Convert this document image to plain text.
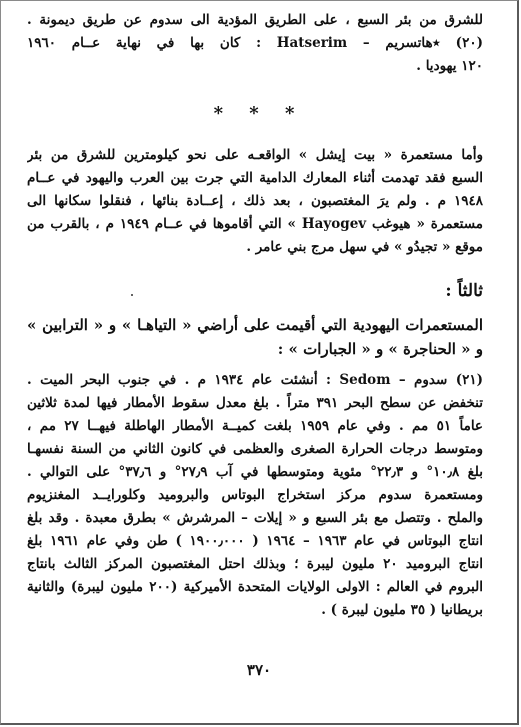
للشرق من بئر السبع ، على الطريق المؤدية الى سدوم عن طريق ديمونة .
(٢٠) ٭هاتسريم – Hatserim : كان بها في نهاية عــام ١٩٦٠
١٢٠ يهوديا .
* * *
وأما مستعمرة « بيت إيشل » الواقعـه على نحو كيلومترين للشرق من بئر
السبع فقد تهدمت أثناء المعارك الدامية التي جرت بين العرب واليهود في عــام
١٩٤٨ م . ولم يرَ المغتصبون ، بعد ذلك ، إعــادة بنائها ، فنقلوا سكانها الى
مستعمرة « هيوغب Hayogev » التي أقاموها في عــام ١٩٤٩ م ، بالقرب من
موقع « تجيدُو » في سهل مرج بني عامر .
ثالثاً :
المستعمرات اليهودية التي أقيمت على أراضي « التياهـا » و « الترابين »
و « الحناجرة » و « الجبارات » :
(٢١) سدوم – Sedom : أنشئت عام ١٩٣٤ م . في جنوب البحر الميت .
تنخفض عن سطح البحر ٣٩١ متراً . بلغ معدل سقوط الأمطار فيها لمدة ثلاثين
عاماً ٥١ مم . وفي عام ١٩٥٩ بلغت كميــة الأمطار الهاطلة فيهــا ٢٧ مم ،
ومتوسط درجات الحرارة الصغرى والعظمى في كانون الثاني من السنة نفسهـا
بلغ ١٠٫٨° و ٢٢٫٣° مئوية ومتوسطها في آب ٢٧٫٩° و ٣٧٫٦° على التوالي .
ومستعمرة سدوم مركز استخراج البوتاس والبروميد وكلورايــد المغنزيوم
والملح . وتتصل مع بئر السبع و « إيلات – المرشرش » بطرق معبدة . وقد بلغ
انتاج البوتاس في عام ١٩٦٣ – ١٩٦٤ ( ١٩٠٠٫٠٠٠ ) طن وفي عام ١٩٦١ بلغ
انتاج البروميد ٢٠ مليون ليبرة ؛ وبذلك احتل المغتصبون المركز الثالث بانتاج
البروم في العالم : الاولى الولايات المتحدة الأميركية (٢٠٠ مليون ليبرة) والثانية
بريطانيا ( ٣٥ مليون ليبرة ) .
٣٧٠
